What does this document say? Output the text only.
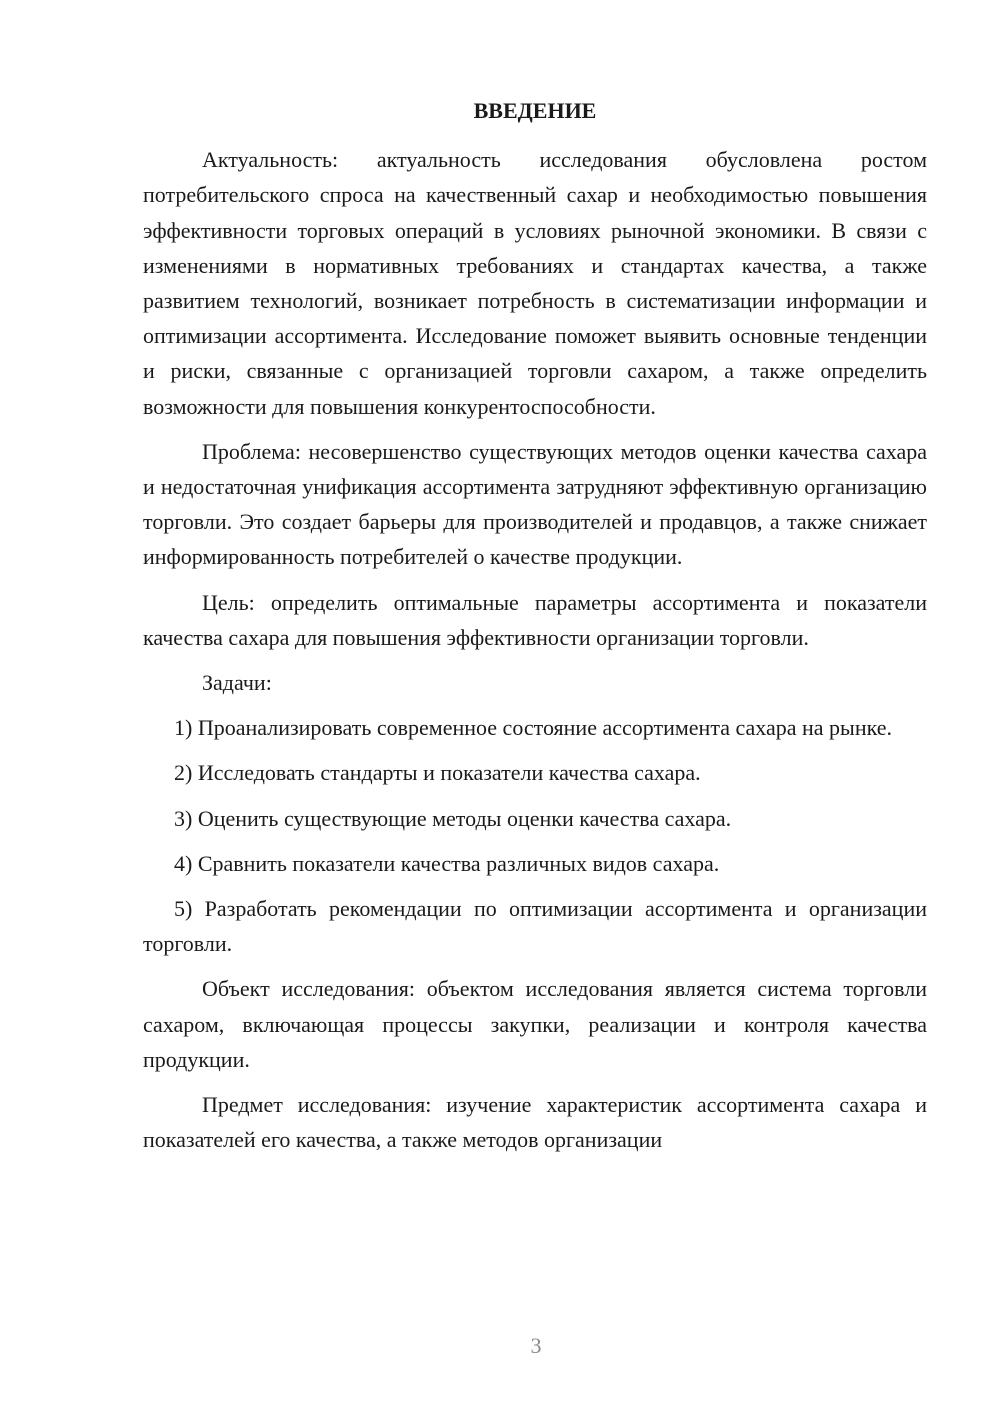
ВВЕДЕНИЕ

Актуальность: актуальность исследования обусловлена ростом потребительского спроса на качественный сахар и необходимостью повышения эффективности торговых операций в условиях рыночной экономики. В связи с изменениями в нормативных требованиях и стандартах качества, а также развитием технологий, возникает потребность в систематизации информации и оптимизации ассортимента. Исследование поможет выявить основные тенденции и риски, связанные с организацией торговли сахаром, а также определить возможности для повышения конкурентоспособности.

Проблема: несовершенство существующих методов оценки качества сахара и недостаточная унификация ассортимента затрудняют эффективную организацию торговли. Это создает барьеры для производителей и продавцов, а также снижает информированность потребителей о качестве продукции.

Цель: определить оптимальные параметры ассортимента и показатели качества сахара для повышения эффективности организации торговли.

Задачи:

1) Проанализировать современное состояние ассортимента сахара на рынке.

2) Исследовать стандарты и показатели качества сахара.

3) Оценить существующие методы оценки качества сахара.

4) Сравнить показатели качества различных видов сахара.

5) Разработать рекомендации по оптимизации ассортимента и организации торговли.

Объект исследования: объектом исследования является система торговли сахаром, включающая процессы закупки, реализации и контроля качества продукции.

Предмет исследования: изучение характеристик ассортимента сахара и показателей его качества, а также методов организации

3
